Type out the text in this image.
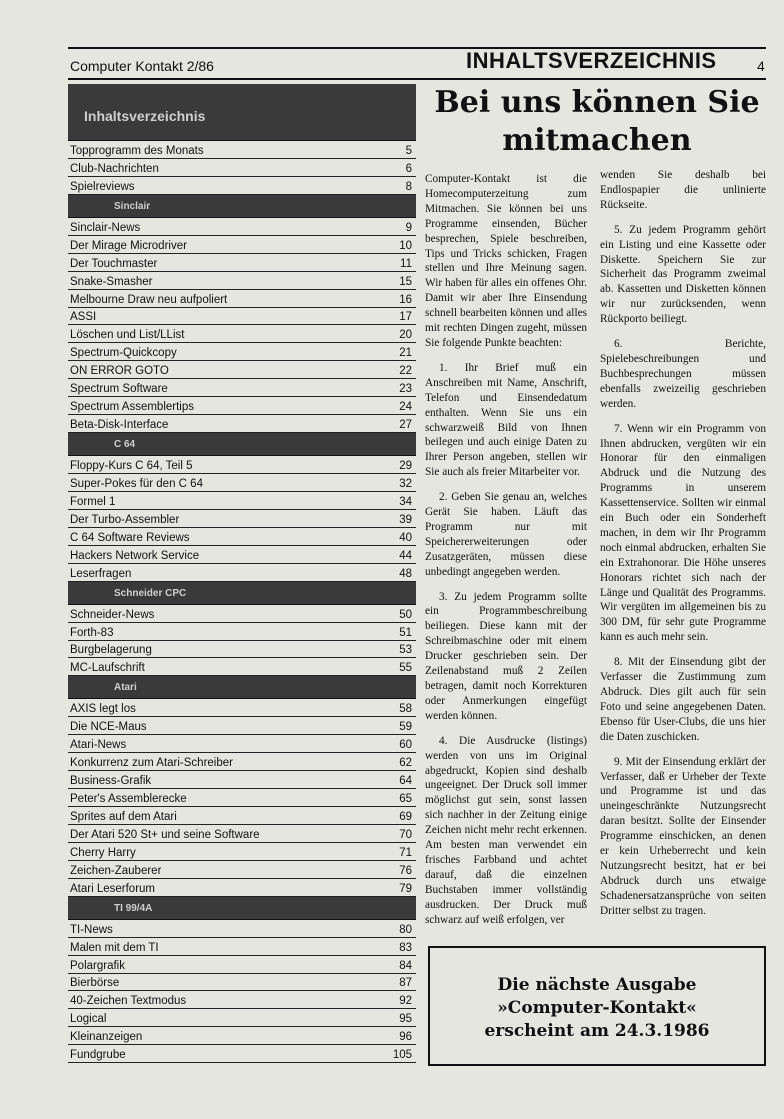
Computer Kontakt 2/86	INHALTSVERZEICHNIS	4
Inhaltsverzeichnis
Topprogramm des Monats	5
Club-Nachrichten	6
Spielreviews	8
Sinclair
Sinclair-News	9
Der Mirage Microdriver	10
Der Touchmaster	11
Snake-Smasher	15
Melbourne Draw neu aufpoliert	16
ASSI	17
Löschen und List/LList	20
Spectrum-Quickcopy	21
ON ERROR GOTO	22
Spectrum Software	23
Spectrum Assemblertips	24
Beta-Disk-Interface	27
C 64
Floppy-Kurs C 64, Teil 5	29
Super-Pokes für den C 64	32
Formel 1	34
Der Turbo-Assembler	39
C 64 Software Reviews	40
Hackers Network Service	44
Leserfragen	48
Schneider CPC
Schneider-News	50
Forth-83	51
Burgbelagerung	53
MC-Laufschrift	55
Atari
AXIS legt los	58
Die NCE-Maus	59
Atari-News	60
Konkurrenz zum Atari-Schreiber	62
Business-Grafik	64
Peter's Assemblerecke	65
Sprites auf dem Atari	69
Der Atari 520 St+ und seine Software	70
Cherry Harry	71
Zeichen-Zauberer	76
Atari Leserforum	79
TI 99/4A
TI-News	80
Malen mit dem TI	83
Polargrafik	84
Bierbörse	87
40-Zeichen Textmodus	92
Logical	95
Kleinanzeigen	96
Fundgrube	105
Bei uns können Sie mitmachen

Computer-Kontakt ist die Homecomputerzeitung zum Mitmachen. Sie können bei uns Programme einsenden, Bücher besprechen, Spiele beschreiben, Tips und Tricks schicken, Fragen stellen und Ihre Meinung sagen. Wir haben für alles ein offenes Ohr. Damit wir aber Ihre Einsendung schnell bearbeiten können und alles mit rechten Dingen zugeht, müssen Sie folgende Punkte beachten:

1. Ihr Brief muß ein Anschreiben mit Name, Anschrift, Telefon und Einsendedatum enthalten. Wenn Sie uns ein schwarzweiß Bild von Ihnen beilegen und auch einige Daten zu Ihrer Person angeben, stellen wir Sie auch als freier Mitarbeiter vor.

2. Geben Sie genau an, welches Gerät Sie haben. Läuft das Programm nur mit Speichererweiterungen oder Zusatzgeräten, müssen diese unbedingt angegeben werden.

3. Zu jedem Programm sollte ein Programmbeschreibung beiliegen. Diese kann mit der Schreibmaschine oder mit einem Drucker geschrieben sein. Der Zeilenabstand muß 2 Zeilen betragen, damit noch Korrekturen oder Anmerkungen eingefügt werden können.

4. Die Ausdrucke (listings) werden von uns im Original abgedruckt, Kopien sind deshalb ungeeignet. Der Druck soll immer möglichst gut sein, sonst lassen sich nachher in der Zeitung einige Zeichen nicht mehr recht erkennen. Am besten man verwendet ein frisches Farbband und achtet darauf, daß die einzelnen Buchstaben immer vollständig ausdrucken. Der Druck muß schwarz auf weiß erfolgen, ver

wenden Sie deshalb bei Endlospapier die unlinierte Rückseite.

5. Zu jedem Programm gehört ein Listing und eine Kassette oder Diskette. Speichern Sie zur Sicherheit das Programm zweimal ab. Kassetten und Disketten können wir nur zurücksenden, wenn Rückporto beiliegt.

6. Berichte, Spielebeschreibungen und Buchbesprechungen müssen ebenfalls zweizeilig geschrieben werden.

7. Wenn wir ein Programm von Ihnen abdrucken, vergüten wir ein Honorar für den einmaligen Abdruck und die Nutzung des Programms in unserem Kassettenservice. Sollten wir einmal ein Buch oder ein Sonderheft machen, in dem wir Ihr Programm noch einmal abdrucken, erhalten Sie ein Extrahonorar. Die Höhe unseres Honorars richtet sich nach der Länge und Qualität des Programms. Wir vergüten im allgemeinen bis zu 300 DM, für sehr gute Programme kann es auch mehr sein.

8. Mit der Einsendung gibt der Verfasser die Zustimmung zum Abdruck. Dies gilt auch für sein Foto und seine angegebenen Daten. Ebenso für User-Clubs, die uns hier die Daten zuschicken.

9. Mit der Einsendung erklärt der Verfasser, daß er Urheber der Texte und Programme ist und das uneingeschränkte Nutzungsrecht daran besitzt. Sollte der Einsender Programme einschicken, an denen er kein Urheberrecht und kein Nutzungsrecht besitzt, hat er bei Abdruck durch uns etwaige Schadenersatzansprüche von seiten Dritter selbst zu tragen.

Die nächste Ausgabe
»Computer-Kontakt«
erscheint am 24.3.1986
